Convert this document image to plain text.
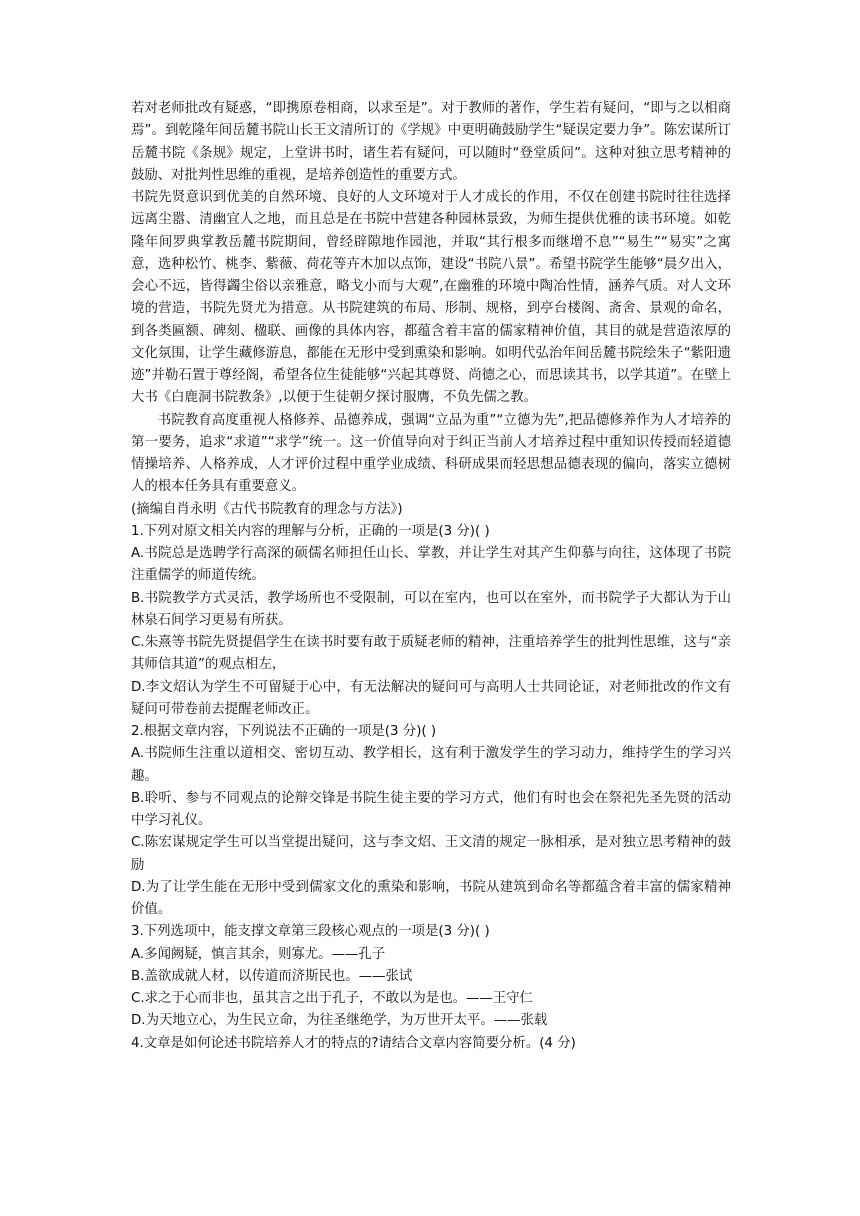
若对老师批改有疑惑，“即携原卷相商，以求至是”。对于教师的著作，学生若有疑问，“即与之以相商焉”。到乾隆年间岳麓书院山长王文清所订的《学规》中更明确鼓励学生“疑误定要力争”。陈宏谋所订岳麓书院《条规》规定，上堂讲书时，诸生若有疑问，可以随时“登堂质问”。这种对独立思考精神的鼓励、对批判性思维的重视，是培养创造性的重要方式。

书院先贤意识到优美的自然环境、良好的人文环境对于人才成长的作用，不仅在创建书院时往往选择远离尘嚣、清幽宜人之地，而且总是在书院中营建各种园林景致，为师生提供优雅的读书环境。如乾隆年间罗典掌教岳麓书院期间，曾经辟隙地作园池，并取“其行根多而继增不息”“易生”“易实”之寓意，选种松竹、桃李、紫薇、荷花等卉木加以点饰，建设“书院八景”。希望书院学生能够“晨夕出入，会心不远，皆得蠲尘俗以亲雅意，略戈小而与大观”,在幽雅的环境中陶冶性情，涵养气质。对人文环境的营造，书院先贤尤为措意。从书院建筑的布局、形制、规格，到亭台楼阁、斋舍、景观的命名，到各类匾额、碑刻、楹联、画像的具体内容，都蕴含着丰富的儒家精神价值，其目的就是营造浓厚的文化氛围，让学生藏修游息，都能在无形中受到熏染和影响。如明代弘治年间岳麓书院绘朱子“紫阳遗迹”并勒石置于尊经阁，希望各位生徒能够“兴起其尊贤、尚德之心，而思读其书，以学其道”。在壁上大书《白鹿洞书院教条》,以便于生徒朝夕探讨服膺，不负先儒之教。

书院教育高度重视人格修养、品德养成，强调“立品为重”“立德为先”,把品德修养作为人才培养的第一要务，追求“求道”“求学”统一。这一价值导向对于纠正当前人才培养过程中重知识传授而轻道德情操培养、人格养成，人才评价过程中重学业成绩、科研成果而轻思想品德表现的偏向，落实立德树人的根本任务具有重要意义。

(摘编自肖永明《古代书院教育的理念与方法》)

1.下列对原文相关内容的理解与分析，正确的一项是(3 分)( )

A.书院总是选聘学行高深的硕儒名师担任山长、掌教，并让学生对其产生仰慕与向往，这体现了书院注重儒学的师道传统。

B.书院教学方式灵活，教学场所也不受限制，可以在室内，也可以在室外，而书院学子大都认为于山林泉石间学习更易有所获。

C.朱熹等书院先贤提倡学生在读书时要有敢于质疑老师的精神，注重培养学生的批判性思维，这与“亲其师信其道”的观点相左，

D.李文炤认为学生不可留疑于心中，有无法解决的疑问可与高明人士共同论证，对老师批改的作文有疑问可带卷前去提醒老师改正。

2.根据文章内容，下列说法不正确的一项是(3 分)( )

A.书院师生注重以道相交、密切互动、教学相长，这有利于激发学生的学习动力，维持学生的学习兴趣。

B.聆听、参与不同观点的论辩交锋是书院生徒主要的学习方式，他们有时也会在祭祀先圣先贤的活动中学习礼仪。

C.陈宏谋规定学生可以当堂提出疑问，这与李文炤、王文清的规定一脉相承，是对独立思考精神的鼓励

D.为了让学生能在无形中受到儒家文化的熏染和影响，书院从建筑到命名等都蕴含着丰富的儒家精神价值。

3.下列选项中，能支撑文章第三段核心观点的一项是(3 分)( )

A.多闻阙疑，慎言其余，则寡尤。——孔子

B.盖欲成就人材，以传道而济斯民也。——张试

C.求之于心而非也，虽其言之出于孔子，不敢以为是也。——王守仁

D.为天地立心，为生民立命，为往圣继绝学，为万世开太平。——张载

4.文章是如何论述书院培养人才的特点的?请结合文章内容简要分析。(4 分)
